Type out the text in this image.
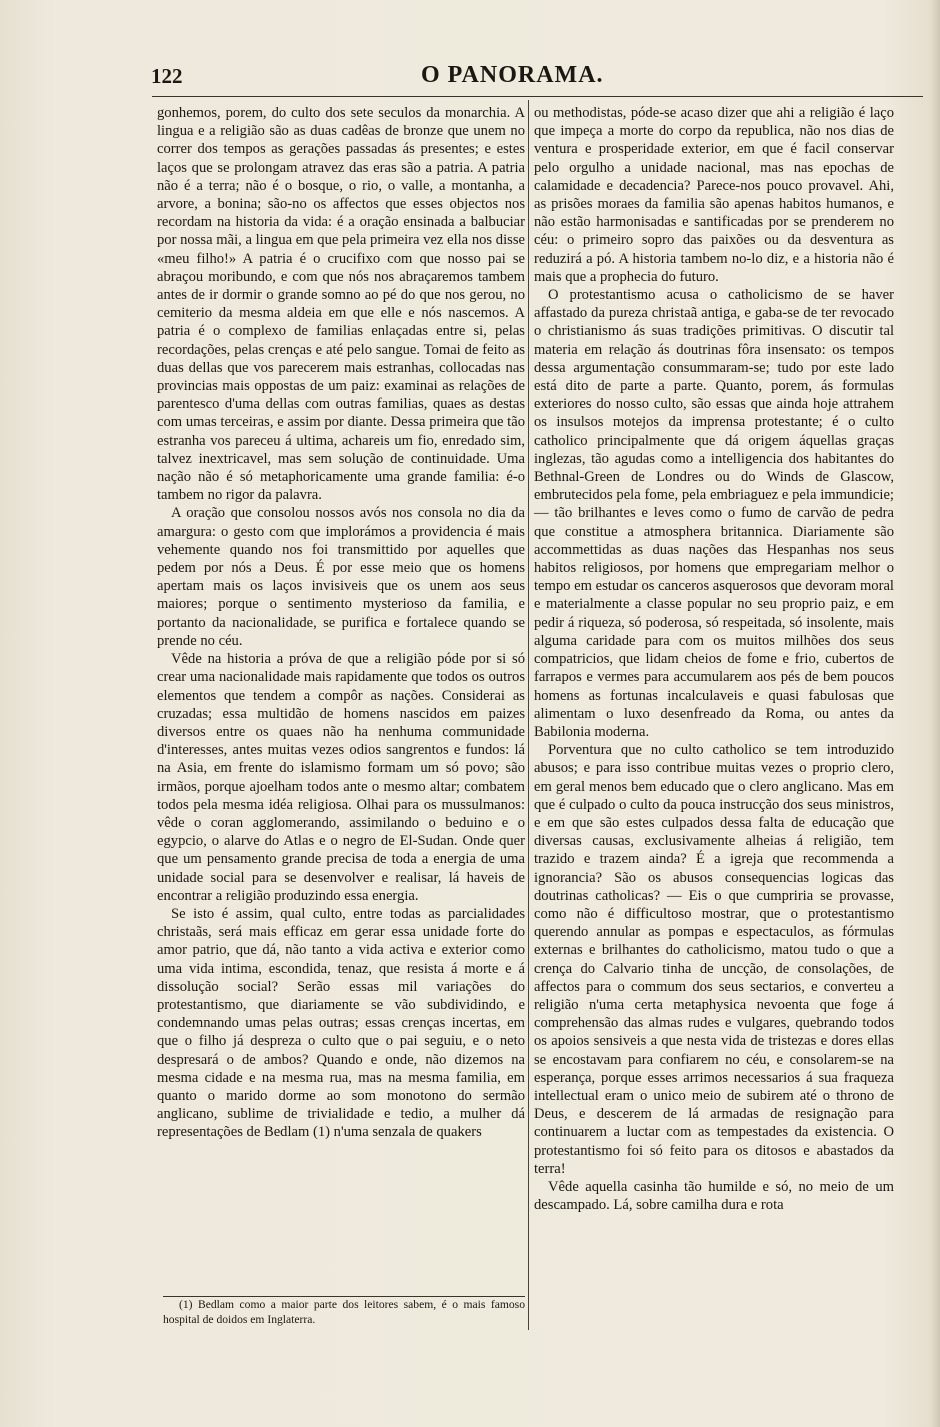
122	O PANORAMA.

gonhemos, porem, do culto dos sete seculos da monarchia. A lingua e a religião são as duas cadêas de bronze que unem no correr dos tempos as gerações passadas ás presentes; e estes laços que se prolongam atravez das eras são a patria. A patria não é a terra; não é o bosque, o rio, o valle, a montanha, a arvore, a bonina; são-no os affectos que esses objectos nos recordam na historia da vida: é a oração ensinada a balbuciar por nossa mãi, a lingua em que pela primeira vez ella nos disse «meu filho!» A patria é o crucifixo com que nosso pai se abraçou moribundo, e com que nós nos abraçaremos tambem antes de ir dormir o grande somno ao pé do que nos gerou, no cemiterio da mesma aldeia em que elle e nós nascemos. A patria é o complexo de familias enlaçadas entre si, pelas recordações, pelas crenças e até pelo sangue. Tomai de feito as duas dellas que vos parecerem mais estranhas, collocadas nas provincias mais oppostas de um paiz: examinai as relações de parentesco d'uma dellas com outras familias, quaes as destas com umas terceiras, e assim por diante. Dessa primeira que tão estranha vos pareceu á ultima, achareis um fio, enredado sim, talvez inextricavel, mas sem solução de continuidade. Uma nação não é só metaphoricamente uma grande familia: é-o tambem no rigor da palavra.

A oração que consolou nossos avós nos consola no dia da amargura: o gesto com que implorámos a providencia é mais vehemente quando nos foi transmittido por aquelles que pedem por nós a Deus. É por esse meio que os homens apertam mais os laços invisiveis que os unem aos seus maiores; porque o sentimento mysterioso da familia, e portanto da nacionalidade, se purifica e fortalece quando se prende no céu.

Vêde na historia a próva de que a religião póde por si só crear uma nacionalidade mais rapidamente que todos os outros elementos que tendem a compôr as nações. Considerai as cruzadas; essa multidão de homens nascidos em paizes diversos entre os quaes não ha nenhuma communidade d'interesses, antes muitas vezes odios sangrentos e fundos: lá na Asia, em frente do islamismo formam um só povo; são irmãos, porque ajoelham todos ante o mesmo altar; combatem todos pela mesma idéa religiosa. Olhai para os mussulmanos: vêde o coran agglomerando, assimilando o beduino e o egypcio, o alarve do Atlas e o negro de El-Sudan. Onde quer que um pensamento grande precisa de toda a energia de uma unidade social para se desenvolver e realisar, lá haveis de encontrar a religião produzindo essa energia.

Se isto é assim, qual culto, entre todas as parcialidades christaãs, será mais efficaz em gerar essa unidade forte do amor patrio, que dá, não tanto a vida activa e exterior como uma vida intima, escondida, tenaz, que resista á morte e á dissolução social? Serão essas mil variações do protestantismo, que diariamente se vão subdividindo, e condemnando umas pelas outras; essas crenças incertas, em que o filho já despreza o culto que o pai seguiu, e o neto despresará o de ambos? Quando e onde, não dizemos na mesma cidade e na mesma rua, mas na mesma familia, em quanto o marido dorme ao som monotono do sermão anglicano, sublime de trivialidade e tedio, a mulher dá representações de Bedlam (1) n'uma senzala de quakers

ou methodistas, póde-se acaso dizer que ahi a religião é laço que impeça a morte do corpo da republica, não nos dias de ventura e prosperidade exterior, em que é facil conservar pelo orgulho a unidade nacional, mas nas epochas de calamidade e decadencia? Parece-nos pouco provavel. Ahi, as prisões moraes da familia são apenas habitos humanos, e não estão harmonisadas e santificadas por se prenderem no céu: o primeiro sopro das paixões ou da desventura as reduzirá a pó. A historia tambem no-lo diz, e a historia não é mais que a prophecia do futuro.

O protestantismo acusa o catholicismo de se haver affastado da pureza christaã antiga, e gaba-se de ter revocado o christianismo ás suas tradições primitivas. O discutir tal materia em relação ás doutrinas fôra insensato: os tempos dessa argumentação consummaram-se; tudo por este lado está dito de parte a parte. Quanto, porem, ás formulas exteriores do nosso culto, são essas que ainda hoje attrahem os insulsos motejos da imprensa protestante; é o culto catholico principalmente que dá origem áquellas graças inglezas, tão agudas como a intelligencia dos habitantes do Bethnal-Green de Londres ou do Winds de Glascow, embrutecidos pela fome, pela embriaguez e pela immundicie; — tão brilhantes e leves como o fumo de carvão de pedra que constitue a atmosphera britannica. Diariamente são accommettidas as duas nações das Hespanhas nos seus habitos religiosos, por homens que empregariam melhor o tempo em estudar os canceros asquerosos que devoram moral e materialmente a classe popular no seu proprio paiz, e em pedir á riqueza, só poderosa, só respeitada, só insolente, mais alguma caridade para com os muitos milhões dos seus compatricios, que lidam cheios de fome e frio, cubertos de farrapos e vermes para accumularem aos pés de bem poucos homens as fortunas incalculaveis e quasi fabulosas que alimentam o luxo desenfreado da Roma, ou antes da Babilonia moderna.

Porventura que no culto catholico se tem introduzido abusos; e para isso contribue muitas vezes o proprio clero, em geral menos bem educado que o clero anglicano. Mas em que é culpado o culto da pouca instrucção dos seus ministros, e em que são estes culpados dessa falta de educação que diversas causas, exclusivamente alheias á religião, tem trazido e trazem ainda? É a igreja que recommenda a ignorancia? São os abusos consequencias logicas das doutrinas catholicas? — Eis o que cumpriria se provasse, como não é difficultoso mostrar, que o protestantismo querendo annular as pompas e espectaculos, as fórmulas externas e brilhantes do catholicismo, matou tudo o que a crença do Calvario tinha de uncção, de consolações, de affectos para o commum dos seus sectarios, e converteu a religião n'uma certa metaphysica nevoenta que foge á comprehensão das almas rudes e vulgares, quebrando todos os apoios sensiveis a que nesta vida de tristezas e dores ellas se encostavam para confiarem no céu, e consolarem-se na esperança, porque esses arrimos necessarios á sua fraqueza intellectual eram o unico meio de subirem até o throno de Deus, e descerem de lá armadas de resignação para continuarem a luctar com as tempestades da existencia. O protestantismo foi só feito para os ditosos e abastados da terra!

Vêde aquella casinha tão humilde e só, no meio de um descampado. Lá, sobre camilha dura e rota

(1) Bedlam como a maior parte dos leitores sabem, é o mais famoso hospital de doidos em Inglaterra.
